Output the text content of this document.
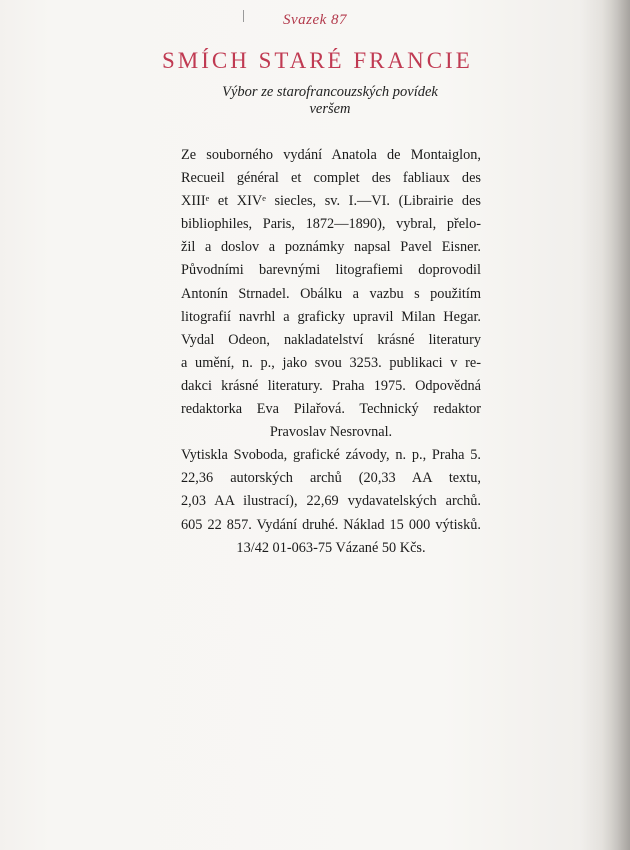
Svazek 87
SMÍCH STARÉ FRANCIE
Výbor ze starofrancouzských povídek
veršem
Ze souborného vydání Anatola de Montaiglon,
Recueil général et complet des fabliaux des
XIIIᵉ et XIVᵉ siecles, sv. I.—VI. (Librairie des
bibliophiles, Paris, 1872—1890), vybral, přelo-
žil a doslov a poznámky napsal Pavel Eisner.
Původními barevnými litografiemi doprovodil
Antonín Strnadel. Obálku a vazbu s použitím
litografií navrhl a graficky upravil Milan Hegar.
Vydal Odeon, nakladatelství krásné literatury
a umění, n. p., jako svou 3253. publikaci v re-
dakci krásné literatury. Praha 1975. Odpovědná
redaktorka Eva Pilařová. Technický redaktor
Pravoslav Nesrovnal.
Vytiskla Svoboda, grafické závody, n. p., Praha 5.
22,36 autorských archů (20,33 AA textu,
2,03 AA ilustrací), 22,69 vydavatelských archů.
605 22 857. Vydání druhé. Náklad 15 000 výtisků.
13/42 01-063-75 Vázané 50 Kčs.
